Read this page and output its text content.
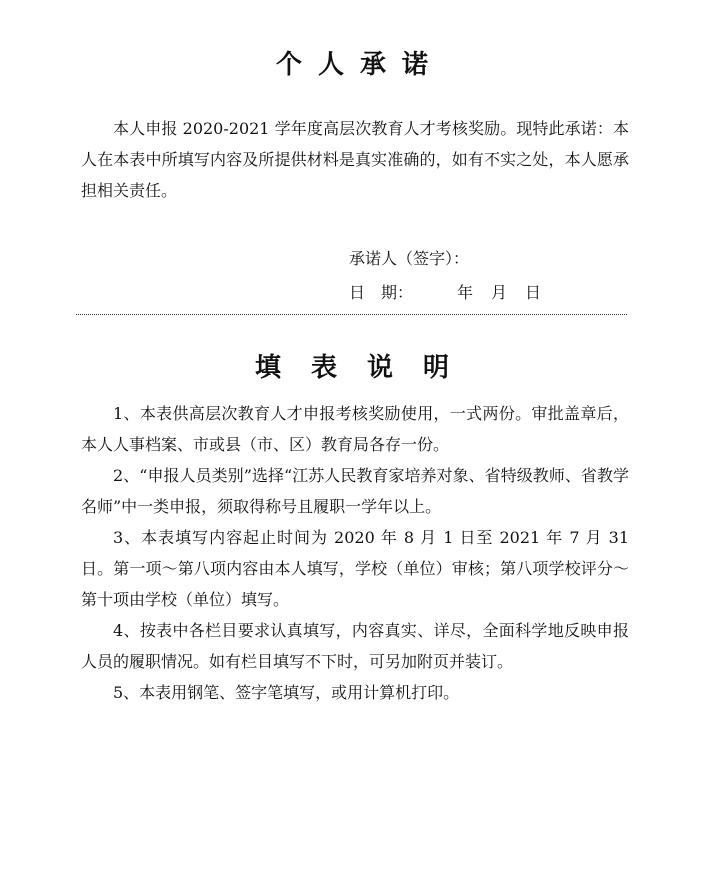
个人承诺

本人申报 2020-2021 学年度高层次教育人才考核奖励。现特此承诺：本人在本表中所填写内容及所提供材料是真实准确的，如有不实之处，本人愿承担相关责任。

承诺人（签字）：
日　期：	年 月 日
填表说明

1、本表供高层次教育人才申报考核奖励使用，一式两份。审批盖章后，本人人事档案、市或县（市、区）教育局各存一份。

2、“申报人员类别”选择“江苏人民教育家培养对象、省特级教师、省教学名师”中一类申报，须取得称号且履职一学年以上。

3、本表填写内容起止时间为 2020 年 8 月 1 日至 2021 年 7 月 31 日。第一项～第八项内容由本人填写，学校（单位）审核；第八项学校评分～第十项由学校（单位）填写。

4、按表中各栏目要求认真填写，内容真实、详尽，全面科学地反映申报人员的履职情况。如有栏目填写不下时，可另加附页并装订。

5、本表用钢笔、签字笔填写，或用计算机打印。
